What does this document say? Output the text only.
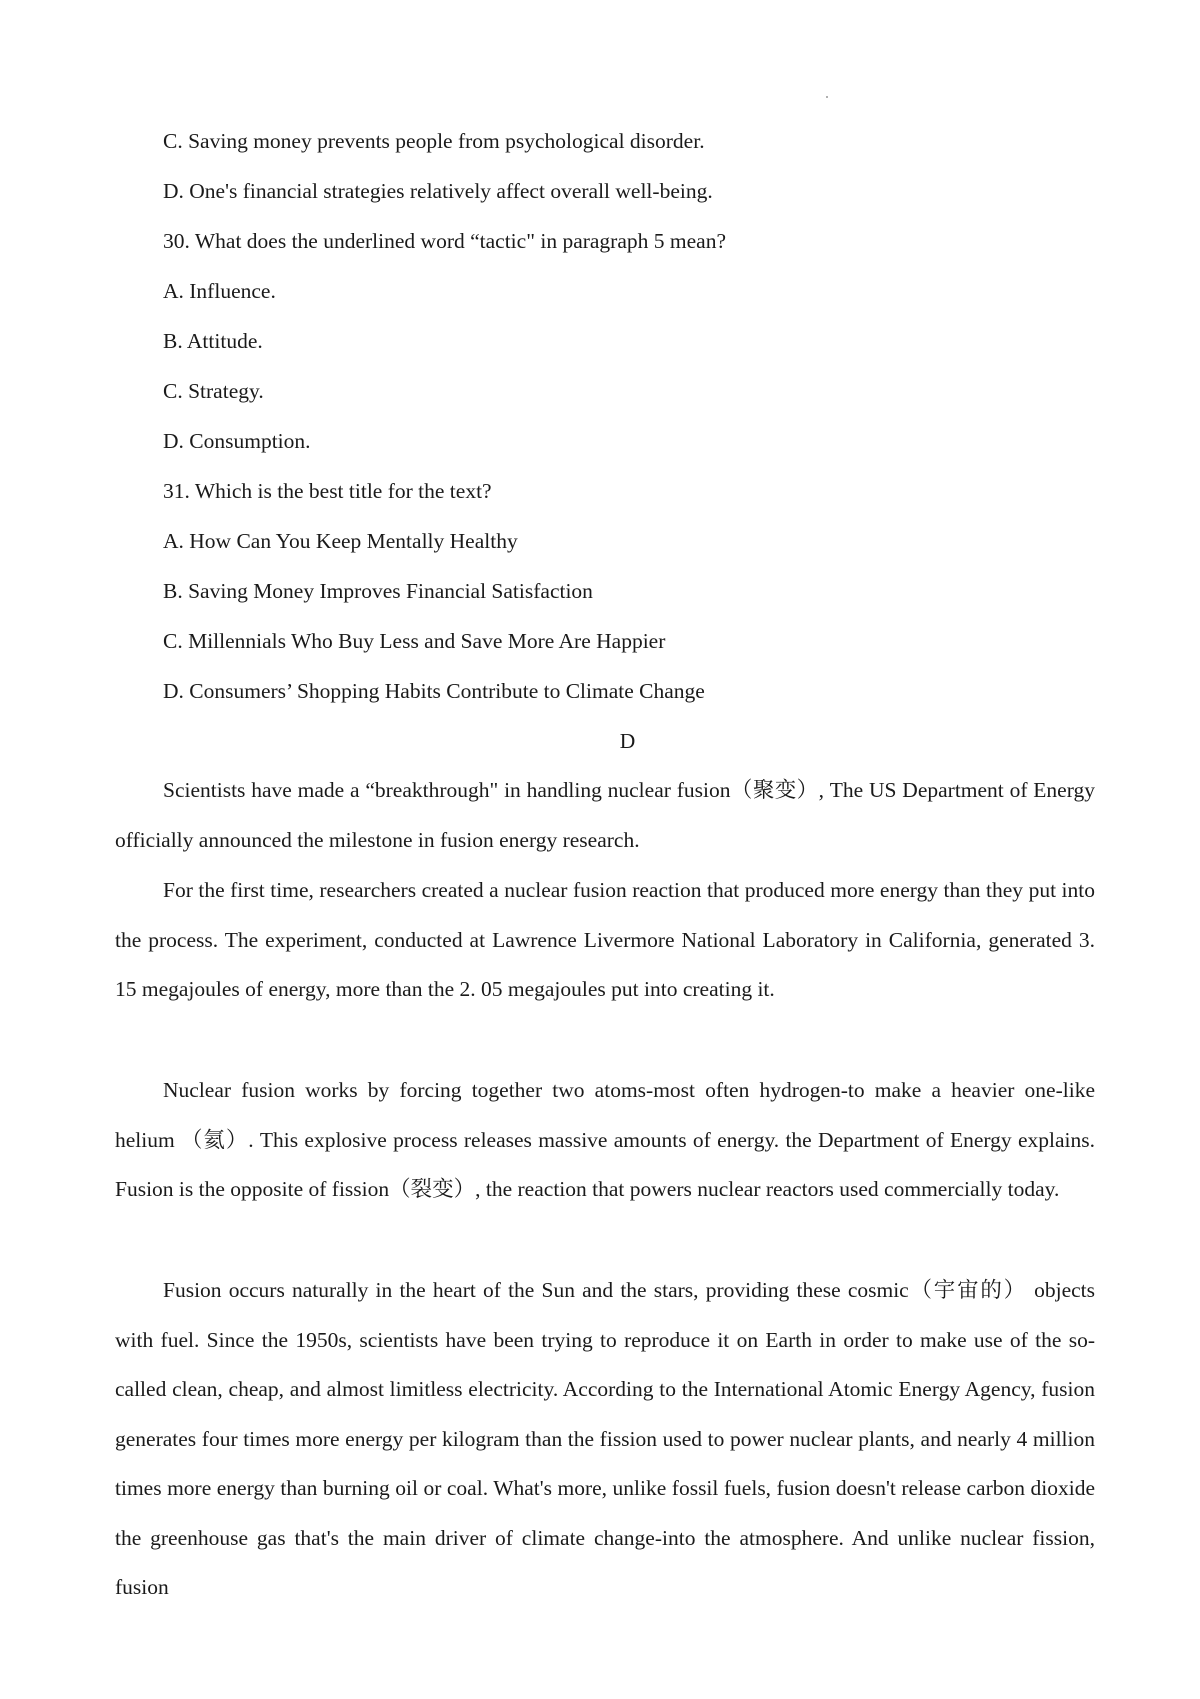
C. Saving money prevents people from psychological disorder.
D. One's financial strategies relatively affect overall well-being.
30. What does the underlined word “tactic" in paragraph 5 mean?
A. Influence.
B. Attitude.
C. Strategy.
D. Consumption.
31. Which is the best title for the text?
A. How Can You Keep Mentally Healthy
B. Saving Money Improves Financial Satisfaction
C. Millennials Who Buy Less and Save More Are Happier
D. Consumers’ Shopping Habits Contribute to Climate Change
D
Scientists have made a “breakthrough" in handling nuclear fusion（聚变）, The US Department of Energy officially announced the milestone in fusion energy research.
For the first time, researchers created a nuclear fusion reaction that produced more energy than they put into the process. The experiment, conducted at Lawrence Livermore National Laboratory in California, generated 3. 15 megajoules of energy, more than the 2. 05 megajoules put into creating it.
Nuclear fusion works by forcing together two atoms-most often hydrogen-to make a heavier one-like helium （氦）. This explosive process releases massive amounts of energy. the Department of Energy explains. Fusion is the opposite of fission（裂变）, the reaction that powers nuclear reactors used commercially today.
Fusion occurs naturally in the heart of the Sun and the stars, providing these cosmic（宇宙的） objects with fuel. Since the 1950s, scientists have been trying to reproduce it on Earth in order to make use of the so-called clean, cheap, and almost limitless electricity. According to the International Atomic Energy Agency, fusion generates four times more energy per kilogram than the fission used to power nuclear plants, and nearly 4 million times more energy than burning oil or coal. What's more, unlike fossil fuels, fusion doesn't release carbon dioxide the greenhouse gas that's the main driver of climate change-into the atmosphere. And unlike nuclear fission, fusion
